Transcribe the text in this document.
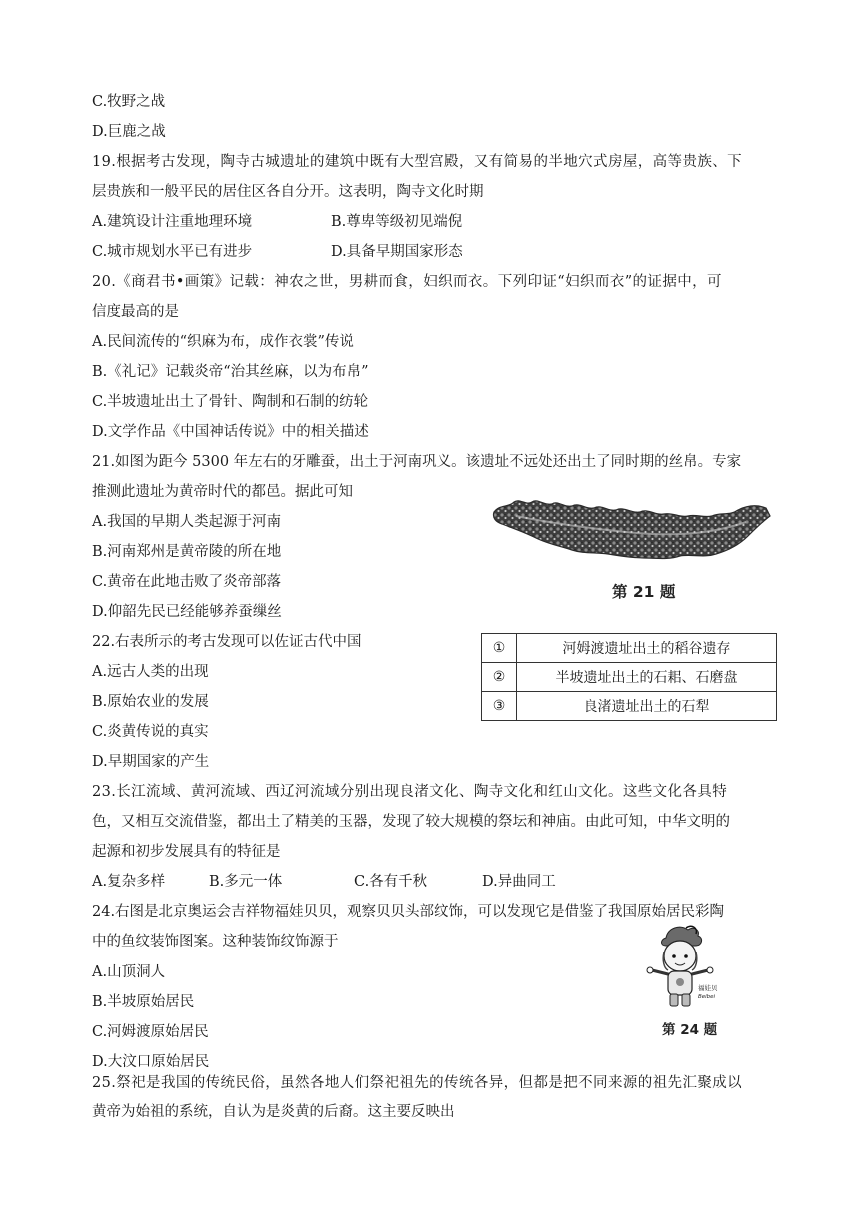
C.牧野之战
D.巨鹿之战
19.根据考古发现，陶寺古城遗址的建筑中既有大型宫殿，又有简易的半地穴式房屋，高等贵族、下
层贵族和一般平民的居住区各自分开。这表明，陶寺文化时期
A.建筑设计注重地理环境	B.尊卑等级初见端倪
C.城市规划水平已有进步	D.具备早期国家形态
20.《商君书•画策》记载：神农之世，男耕而食，妇织而衣。下列印证“妇织而衣”的证据中，可
信度最高的是
A.民间流传的“织麻为布，成作衣裳”传说
B.《礼记》记载炎帝“治其丝麻，以为布帛”
C.半坡遗址出土了骨针、陶制和石制的纺轮
D.文学作品《中国神话传说》中的相关描述
21.如图为距今 5300 年左右的牙雕蚕，出土于河南巩义。该遗址不远处还出土了同时期的丝帛。专家
推测此遗址为黄帝时代的都邑。据此可知
A.我国的早期人类起源于河南
B.河南郑州是黄帝陵的所在地
C.黄帝在此地击败了炎帝部落
D.仰韶先民已经能够养蚕缫丝
第 21 题
22.右表所示的考古发现可以佐证古代中国
A.远古人类的出现
B.原始农业的发展
C.炎黄传说的真实
D.早期国家的产生
①	河姆渡遗址出土的稻谷遗存
②	半坡遗址出土的石耜、石磨盘
③	良渚遗址出土的石犁
23.长江流域、黄河流域、西辽河流域分别出现良渚文化、陶寺文化和红山文化。这些文化各具特
色，又相互交流借鉴，都出土了精美的玉器，发现了较大规模的祭坛和神庙。由此可知，中华文明的
起源和初步发展具有的特征是
A.复杂多样	B.多元一体	C.各有千秋	D.异曲同工
24.右图是北京奥运会吉祥物福娃贝贝，观察贝贝头部纹饰，可以发现它是借鉴了我国原始居民彩陶
中的鱼纹装饰图案。这种装饰纹饰源于
A.山顶洞人
B.半坡原始居民
C.河姆渡原始居民
D.大汶口原始居民
福娃贝
Beibei
第 24 题
25.祭祀是我国的传统民俗，虽然各地人们祭祀祖先的传统各异，但都是把不同来源的祖先汇聚成以
黄帝为始祖的系统，自认为是炎黄的后裔。这主要反映出
